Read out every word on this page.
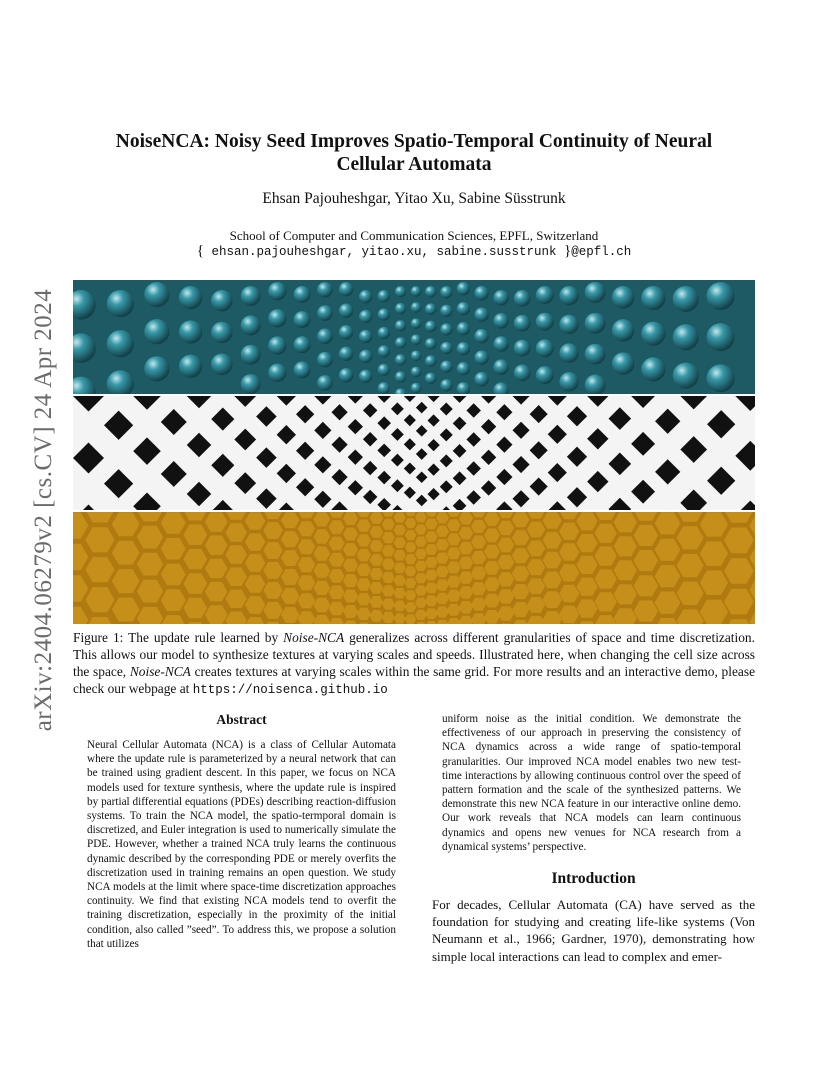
arXiv:2404.06279v2 [cs.CV] 24 Apr 2024
NoiseNCA: Noisy Seed Improves Spatio-Temporal Continuity of Neural Cellular Automata
Ehsan Pajouheshgar, Yitao Xu, Sabine Süsstrunk
School of Computer and Communication Sciences, EPFL, Switzerland
{ ehsan.pajouheshgar, yitao.xu, sabine.susstrunk }@epfl.ch
Figure 1: The update rule learned by Noise-NCA generalizes across different granularities of space and time discretization. This allows our model to synthesize textures at varying scales and speeds. Illustrated here, when changing the cell size across the space, Noise-NCA creates textures at varying scales within the same grid. For more results and an interactive demo, please check our webpage at https://noisenca.github.io
Abstract

Neural Cellular Automata (NCA) is a class of Cellular Automata where the update rule is parameterized by a neural network that can be trained using gradient descent. In this paper, we focus on NCA models used for texture synthesis, where the update rule is inspired by partial differential equations (PDEs) describing reaction-diffusion systems. To train the NCA model, the spatio-termporal domain is discretized, and Euler integration is used to numerically simulate the PDE. However, whether a trained NCA truly learns the continuous dynamic described by the corresponding PDE or merely overfits the discretization used in training remains an open question. We study NCA models at the limit where space-time discretization approaches continuity. We find that existing NCA models tend to overfit the training discretization, especially in the proximity of the initial condition, also called ”seed”. To address this, we propose a solution that utilizes

uniform noise as the initial condition. We demonstrate the effectiveness of our approach in preserving the consistency of NCA dynamics across a wide range of spatio-temporal granularities. Our improved NCA model enables two new test-time interactions by allowing continuous control over the speed of pattern formation and the scale of the synthesized patterns. We demonstrate this new NCA feature in our interactive online demo. Our work reveals that NCA models can learn continuous dynamics and opens new venues for NCA research from a dynamical systems’ perspective.

Introduction

For decades, Cellular Automata (CA) have served as the foundation for studying and creating life-like systems (Von Neumann et al., 1966; Gardner, 1970), demonstrating how simple local interactions can lead to complex and emer-
